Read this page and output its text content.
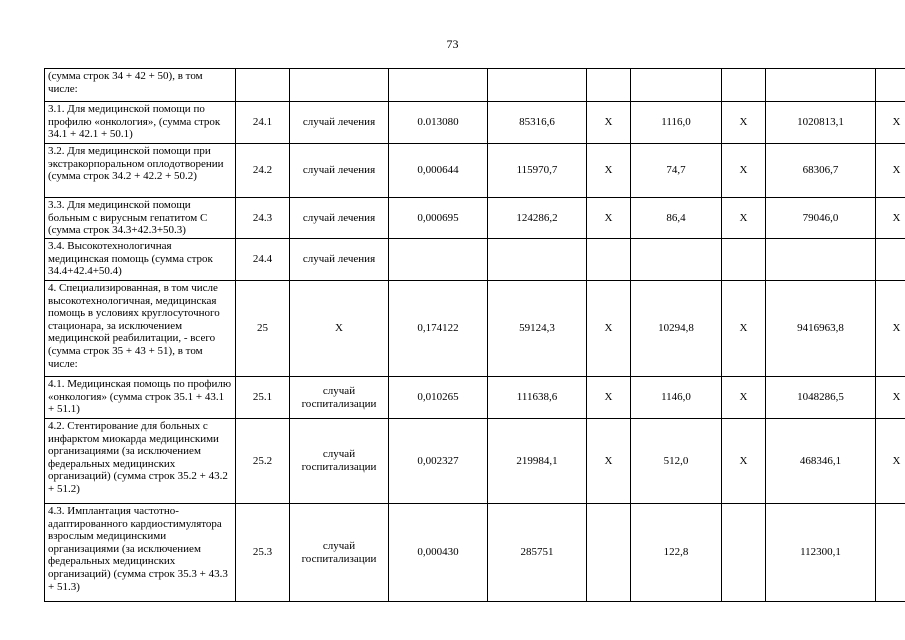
73
(сумма строк 34 + 42 + 50), в том числе:									
3.1. Для медицинской помощи по профилю «онкология», (сумма строк 34.1 + 42.1 + 50.1)	24.1	случай лечения	0.013080	85316,6	X	1116,0	X	1020813,1	X
3.2. Для медицинской помощи при экстракорпоральном оплодотворении (сумма строк 34.2 + 42.2 + 50.2)	24.2	случай лечения	0,000644	115970,7	X	74,7	X	68306,7	X
3.3. Для медицинской помощи больным с вирусным гепатитом С (сумма строк 34.3+42.3+50.3)	24.3	случай лечения	0,000695	124286,2	X	86,4	X	79046,0	X
3.4. Высокотехнологичная медицинская помощь (сумма строк 34.4+42.4+50.4)	24.4	случай лечения							
4. Специализированная, в том числе высокотехнологичная, медицинская помощь в условиях круглосуточного стационара, за исключением медицинской реабилитации, - всего (сумма строк 35 + 43 + 51), в том числе:	25	X	0,174122	59124,3	X	10294,8	X	9416963,8	X
4.1. Медицинская помощь по профилю «онкология» (сумма строк 35.1 + 43.1 + 51.1)	25.1	случай госпитализации	0,010265	111638,6	X	1146,0	X	1048286,5	X
4.2. Стентирование для больных с инфарктом миокарда медицинскими организациями (за исключением федеральных медицинских организаций) (сумма строк 35.2 + 43.2 + 51.2)	25.2	случай госпитализации	0,002327	219984,1	X	512,0	X	468346,1	X
4.3. Имплантация частотно-адаптированного кардиостимулятора взрослым медицинскими организациями (за исключением федеральных медицинских организаций) (сумма строк 35.3 + 43.3 + 51.3)	25.3	случай госпитализации	0,000430	285751		122,8		112300,1	
